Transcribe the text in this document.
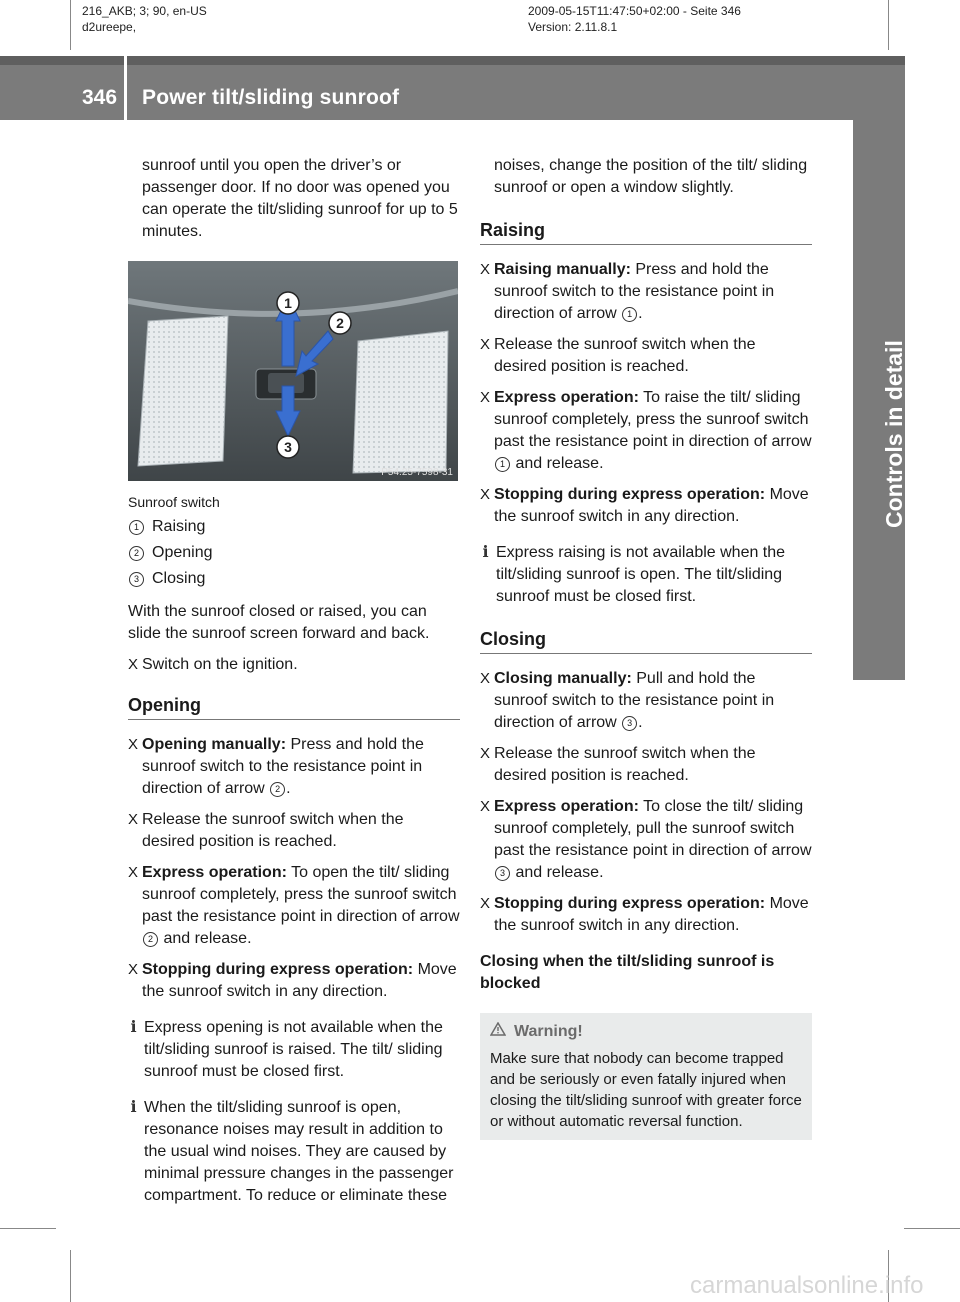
216_AKB; 3; 90, en-US
d2ureepe,
2009-05-15T11:47:50+02:00 - Seite 346
Version: 2.11.8.1
346 Power tilt/sliding sunroof
Controls in detail

sunroof until you open the driver’s or passenger door. If no door was opened you can operate the tilt/sliding sunroof for up to 5 minutes.

1
2
3
P54.25-7598-31
Sunroof switch
1 Raising
2 Opening
3 Closing

With the sunroof closed or raised, you can slide the sunroof screen forward and back.

X Switch on the ignition.
Opening
X Opening manually: Press and hold the sunroof switch to the resistance point in direction of arrow 2 .
X Release the sunroof switch when the desired position is reached.
X Express operation: To open the tilt/ sliding sunroof completely, press the sunroof switch past the resistance point in direction of arrow 2 and release.
X Stopping during express operation: Move the sunroof switch in any direction.
i Express opening is not available when the tilt/sliding sunroof is raised. The tilt/ sliding sunroof must be closed first.
i When the tilt/sliding sunroof is open, resonance noises may result in addition to the usual wind noises. They are caused by minimal pressure changes in the passenger compartment. To reduce or eliminate these

noises, change the position of the tilt/ sliding sunroof or open a window slightly.

Raising
X Raising manually: Press and hold the sunroof switch to the resistance point in direction of arrow 1 .
X Release the sunroof switch when the desired position is reached.
X Express operation: To raise the tilt/ sliding sunroof completely, press the sunroof switch past the resistance point in direction of arrow 1 and release.
X Stopping during express operation: Move the sunroof switch in any direction.
i Express raising is not available when the tilt/sliding sunroof is open. The tilt/sliding sunroof must be closed first.
Closing
X Closing manually: Pull and hold the sunroof switch to the resistance point in direction of arrow 3 .
X Release the sunroof switch when the desired position is reached.
X Express operation: To close the tilt/ sliding sunroof completely, pull the sunroof switch past the resistance point in direction of arrow 3 and release.
X Stopping during express operation: Move the sunroof switch in any direction.
Closing when the tilt/sliding sunroof is blocked
Warning!
Make sure that nobody can become trapped and be seriously or even fatally injured when closing the tilt/sliding sunroof with greater force or without automatic reversal function.
carmanualsonline.info
